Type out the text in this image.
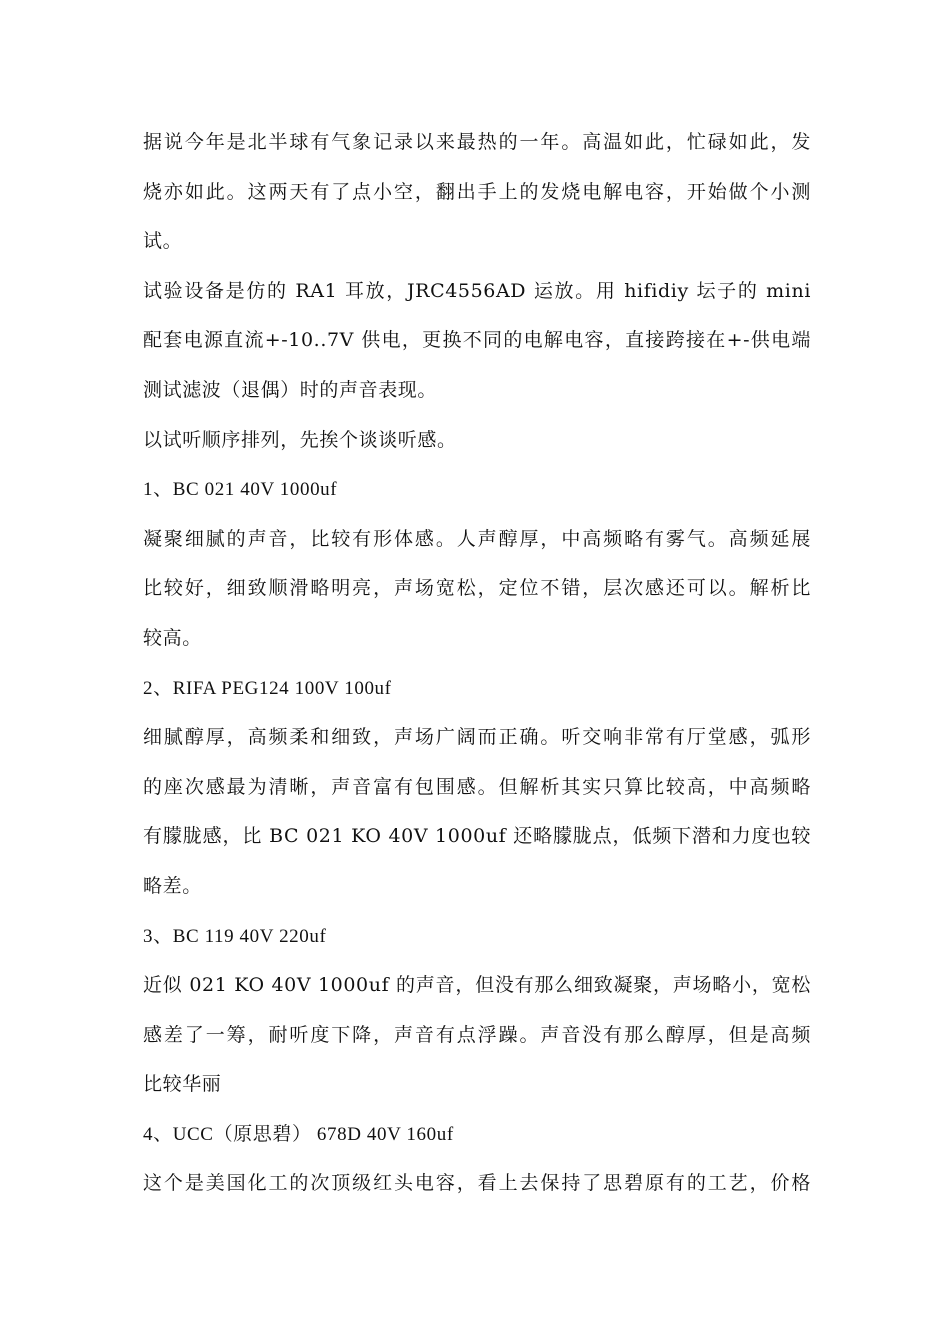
据说今年是北半球有气象记录以来最热的一年。高温如此，忙碌如此，发
烧亦如此。这两天有了点小空，翻出手上的发烧电解电容，开始做个小测
试。
试验设备是仿的 RA1 耳放，JRC4556AD 运放。用 hifidiy 坛子的 mini
配套电源直流+-10..7V 供电，更换不同的电解电容，直接跨接在+-供电端
测试滤波（退偶）时的声音表现。
以试听顺序排列，先挨个谈谈听感。
1、BC 021 40V 1000uf
凝聚细腻的声音，比较有形体感。人声醇厚，中高频略有雾气。高频延展
比较好，细致顺滑略明亮，声场宽松，定位不错，层次感还可以。解析比
较高。
2、RIFA PEG124 100V 100uf
细腻醇厚，高频柔和细致，声场广阔而正确。听交响非常有厅堂感，弧形
的座次感最为清晰，声音富有包围感。但解析其实只算比较高，中高频略
有朦胧感，比 BC 021 KO 40V 1000uf 还略朦胧点，低频下潜和力度也较
略差。
3、BC 119 40V 220uf
近似 021 KO 40V 1000uf 的声音，但没有那么细致凝聚，声场略小，宽松
感差了一筹，耐听度下降，声音有点浮躁。声音没有那么醇厚，但是高频
比较华丽
4、UCC（原思碧） 678D 40V 160uf
这个是美国化工的次顶级红头电容，看上去保持了思碧原有的工艺，价格
